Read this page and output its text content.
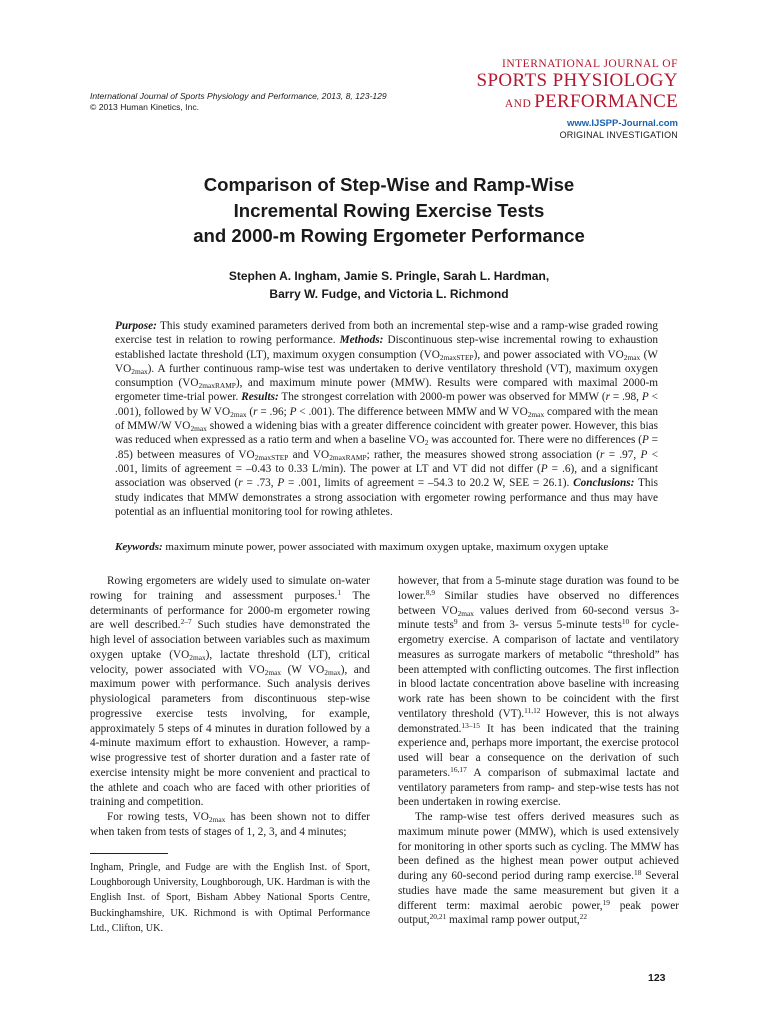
International Journal of Sports Physiology and Performance, 2013, 8, 123-129
© 2013 Human Kinetics, Inc.
INTERNATIONAL JOURNAL OF
SPORTS PHYSIOLOGY
AND PERFORMANCE
www.IJSPP-Journal.com
ORIGINAL INVESTIGATION
Comparison of Step-Wise and Ramp-Wise
Incremental Rowing Exercise Tests
and 2000-m Rowing Ergometer Performance
Stephen A. Ingham, Jamie S. Pringle, Sarah L. Hardman,
Barry W. Fudge, and Victoria L. Richmond
Purpose: This study examined parameters derived from both an incremental step-wise and a ramp-wise graded rowing exercise test in relation to rowing performance. Methods: Discontinuous step-wise incremental rowing to exhaustion established lactate threshold (LT), maximum oxygen consumption $(VO_{2maxSTEP})$, and power associated with $VO_{2max}$ (W $VO_{2max}$). A further continuous ramp-wise test was undertaken to derive ventilatory threshold (VT), maximum oxygen consumption $(VO_{2maxRAMP})$, and maximum minute power (MMW). Results were compared with maximal 2000-m ergometer time-trial power. Results: The strongest correlation with 2000-m power was observed for MMW (r = .98, P < .001), followed by W $VO_{2max}$ (r = .96; P < .001). The difference between MMW and W $VO_{2max}$ compared with the mean of MMW/W $VO_{2max}$ showed a widening bias with a greater difference coincident with greater power. However, this bias was reduced when expressed as a ratio term and when a baseline $VO_2$ was accounted for. There were no differences (P = .85) between measures of $VO_{2maxSTEP}$ and $VO_{2maxRAMP}$; rather, the measures showed strong association (r = .97, P < .001, limits of agreement = –0.43 to 0.33 L/min). The power at LT and VT did not differ (P = .6), and a significant association was observed (r = .73, P = .001, limits of agreement = –54.3 to 20.2 W, SEE = 26.1). Conclusions: This study indicates that MMW demonstrates a strong association with ergometer rowing performance and thus may have potential as an influential monitoring tool for rowing athletes.
Keywords: maximum minute power, power associated with maximum oxygen uptake, maximum oxygen uptake

Rowing ergometers are widely used to simulate on-water rowing for training and assessment purposes.$^1$ The determinants of performance for 2000-m ergometer rowing are well described.$^{2-7}$ Such studies have demonstrated the high level of association between variables such as maximum oxygen uptake $(VO_{2max})$, lactate threshold (LT), critical velocity, power associated with $VO_{2max}$ (W $VO_{2max}$), and maximum power with performance. Such analysis derives physiological parameters from discontinuous step-wise progressive exercise tests involving, for example, approximately 5 steps of 4 minutes in duration followed by a 4-minute maximum effort to exhaustion. However, a ramp-wise progressive test of shorter duration and a faster rate of exercise intensity might be more convenient and practical to the athlete and coach who are faced with other priorities of training and competition.

For rowing tests, $VO_{2max}$ has been shown not to differ when taken from tests of stages of 1, 2, 3, and 4 minutes;

Ingham, Pringle, and Fudge are with the English Inst. of Sport, Loughborough University, Loughborough, UK. Hardman is with the English Inst. of Sport, Bisham Abbey National Sports Centre, Buckinghamshire, UK. Richmond is with Optimal Performance Ltd., Clifton, UK.

however, that from a 5-minute stage duration was found to be lower.$^{8,9}$ Similar studies have observed no differences between $VO_{2max}$ values derived from 60-second versus 3-minute tests$^9$ and from 3- versus 5-minute tests$^{10}$ for cycle-ergometry exercise. A comparison of lactate and ventilatory measures as surrogate markers of metabolic “threshold” has been attempted with conflicting outcomes. The first inflection in blood lactate concentration above baseline with increasing work rate has been shown to be coincident with the first ventilatory threshold (VT).$^{11,12}$ However, this is not always demonstrated.$^{13-15}$ It has been indicated that the training experience and, perhaps more important, the exercise protocol used will bear a consequence on the derivation of such parameters.$^{16,17}$ A comparison of submaximal lactate and ventilatory parameters from ramp- and step-wise tests has not been undertaken in rowing exercise.

The ramp-wise test offers derived measures such as maximum minute power (MMW), which is used extensively for monitoring in other sports such as cycling. The MMW has been defined as the highest mean power output achieved during any 60-second period during ramp exercise.$^{18}$ Several studies have made the same measurement but given it a different term: maximal aerobic power,$^{19}$ peak power output,$^{20,21}$ maximal ramp power output,$^{22}$

123
